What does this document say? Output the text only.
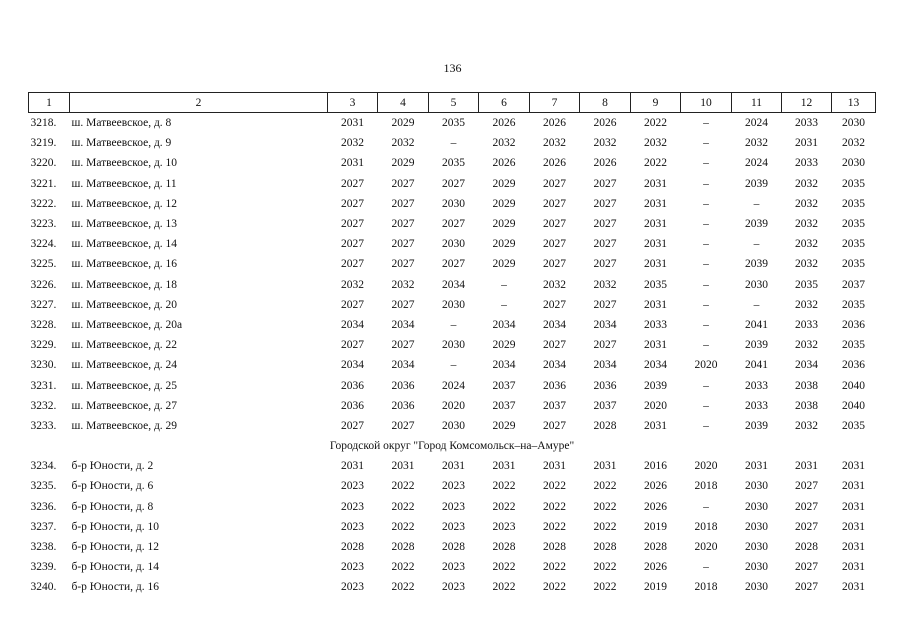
136
1	2	3	4	5	6	7	8	9	10	11	12	13
3218.	ш. Матвеевское, д. 8	2031	2029	2035	2026	2026	2026	2022	–	2024	2033	2030
3219.	ш. Матвеевское, д. 9	2032	2032	–	2032	2032	2032	2032	–	2032	2031	2032
3220.	ш. Матвеевское, д. 10	2031	2029	2035	2026	2026	2026	2022	–	2024	2033	2030
3221.	ш. Матвеевское, д. 11	2027	2027	2027	2029	2027	2027	2031	–	2039	2032	2035
3222.	ш. Матвеевское, д. 12	2027	2027	2030	2029	2027	2027	2031	–	–	2032	2035
3223.	ш. Матвеевское, д. 13	2027	2027	2027	2029	2027	2027	2031	–	2039	2032	2035
3224.	ш. Матвеевское, д. 14	2027	2027	2030	2029	2027	2027	2031	–	–	2032	2035
3225.	ш. Матвеевское, д. 16	2027	2027	2027	2029	2027	2027	2031	–	2039	2032	2035
3226.	ш. Матвеевское, д. 18	2032	2032	2034	–	2032	2032	2035	–	2030	2035	2037
3227.	ш. Матвеевское, д. 20	2027	2027	2030	–	2027	2027	2031	–	–	2032	2035
3228.	ш. Матвеевское, д. 20а	2034	2034	–	2034	2034	2034	2033	–	2041	2033	2036
3229.	ш. Матвеевское, д. 22	2027	2027	2030	2029	2027	2027	2031	–	2039	2032	2035
3230.	ш. Матвеевское, д. 24	2034	2034	–	2034	2034	2034	2034	2020	2041	2034	2036
3231.	ш. Матвеевское, д. 25	2036	2036	2024	2037	2036	2036	2039	–	2033	2038	2040
3232.	ш. Матвеевское, д. 27	2036	2036	2020	2037	2037	2037	2020	–	2033	2038	2040
3233.	ш. Матвеевское, д. 29	2027	2027	2030	2029	2027	2028	2031	–	2039	2032	2035
Городской округ "Город Комсомольск–на–Амуре"												
3234.	б-р Юности, д. 2	2031	2031	2031	2031	2031	2031	2016	2020	2031	2031	2031
3235.	б-р Юности, д. 6	2023	2022	2023	2022	2022	2022	2026	2018	2030	2027	2031
3236.	б-р Юности, д. 8	2023	2022	2023	2022	2022	2022	2026	–	2030	2027	2031
3237.	б-р Юности, д. 10	2023	2022	2023	2023	2022	2022	2019	2018	2030	2027	2031
3238.	б-р Юности, д. 12	2028	2028	2028	2028	2028	2028	2028	2020	2030	2028	2031
3239.	б-р Юности, д. 14	2023	2022	2023	2022	2022	2022	2026	–	2030	2027	2031
3240.	б-р Юности, д. 16	2023	2022	2023	2022	2022	2022	2019	2018	2030	2027	2031
